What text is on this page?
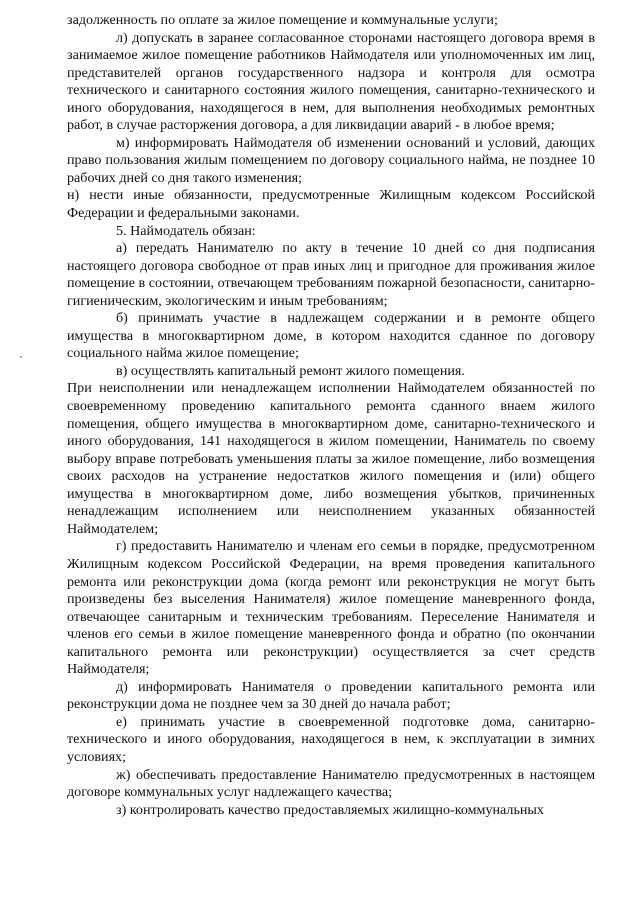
задолженность по оплате за жилое помещение и коммунальные услуги;

л) допускать в заранее согласованное сторонами настоящего договора время в занимаемое жилое помещение работников Наймодателя или уполномоченных им лиц, представителей органов государственного надзора и контроля для осмотра технического и санитарного состояния жилого помещения, санитарно-технического и иного оборудования, находящегося в нем, для выполнения необходимых ремонтных работ, в случае расторжения договора, а для ликвидации аварий - в любое время;

м) информировать Наймодателя об изменении оснований и условий, дающих право пользования жилым помещением по договору социального найма, не позднее 10 рабочих дней со дня такого изменения;

н) нести иные обязанности, предусмотренные Жилищным кодексом Российской Федерации и федеральными законами.

5. Наймодатель обязан:

а) передать Нанимателю по акту в течение 10 дней со дня подписания настоящего договора свободное от прав иных лиц и пригодное для проживания жилое помещение в состоянии, отвечающем требованиям пожарной безопасности, санитарно-гигиеническим, экологическим и иным требованиям;

б) принимать участие в надлежащем содержании и в ремонте общего имущества в многоквартирном доме, в котором находится сданное по договору социального найма жилое помещение;

в) осуществлять капитальный ремонт жилого помещения.

При неисполнении или ненадлежащем исполнении Наймодателем обязанностей по своевременному проведению капитального ремонта сданного внаем жилого помещения, общего имущества в многоквартирном доме, санитарно-технического и иного оборудования, 141 находящегося в жилом помещении, Наниматель по своему выбору вправе потребовать уменьшения платы за жилое помещение, либо возмещения своих расходов на устранение недостатков жилого помещения и (или) общего имущества в многоквартирном доме, либо возмещения убытков, причиненных ненадлежащим исполнением или неисполнением указанных обязанностей Наймодателем;

г) предоставить Нанимателю и членам его семьи в порядке, предусмотренном Жилищным кодексом Российской Федерации, на время проведения капитального ремонта или реконструкции дома (когда ремонт или реконструкция не могут быть произведены без выселения Нанимателя) жилое помещение маневренного фонда, отвечающее санитарным и техническим требованиям. Переселение Нанимателя и членов его семьи в жилое помещение маневренного фонда и обратно (по окончании капитального ремонта или реконструкции) осуществляется за счет средств Наймодателя;

д) информировать Нанимателя о проведении капитального ремонта или реконструкции дома не позднее чем за 30 дней до начала работ;

е) принимать участие в своевременной подготовке дома, санитарно-технического и иного оборудования, находящегося в нем, к эксплуатации в зимних условиях;

ж) обеспечивать предоставление Нанимателю предусмотренных в настоящем договоре коммунальных услуг надлежащего качества;

з) контролировать качество предоставляемых жилищно-коммунальных
